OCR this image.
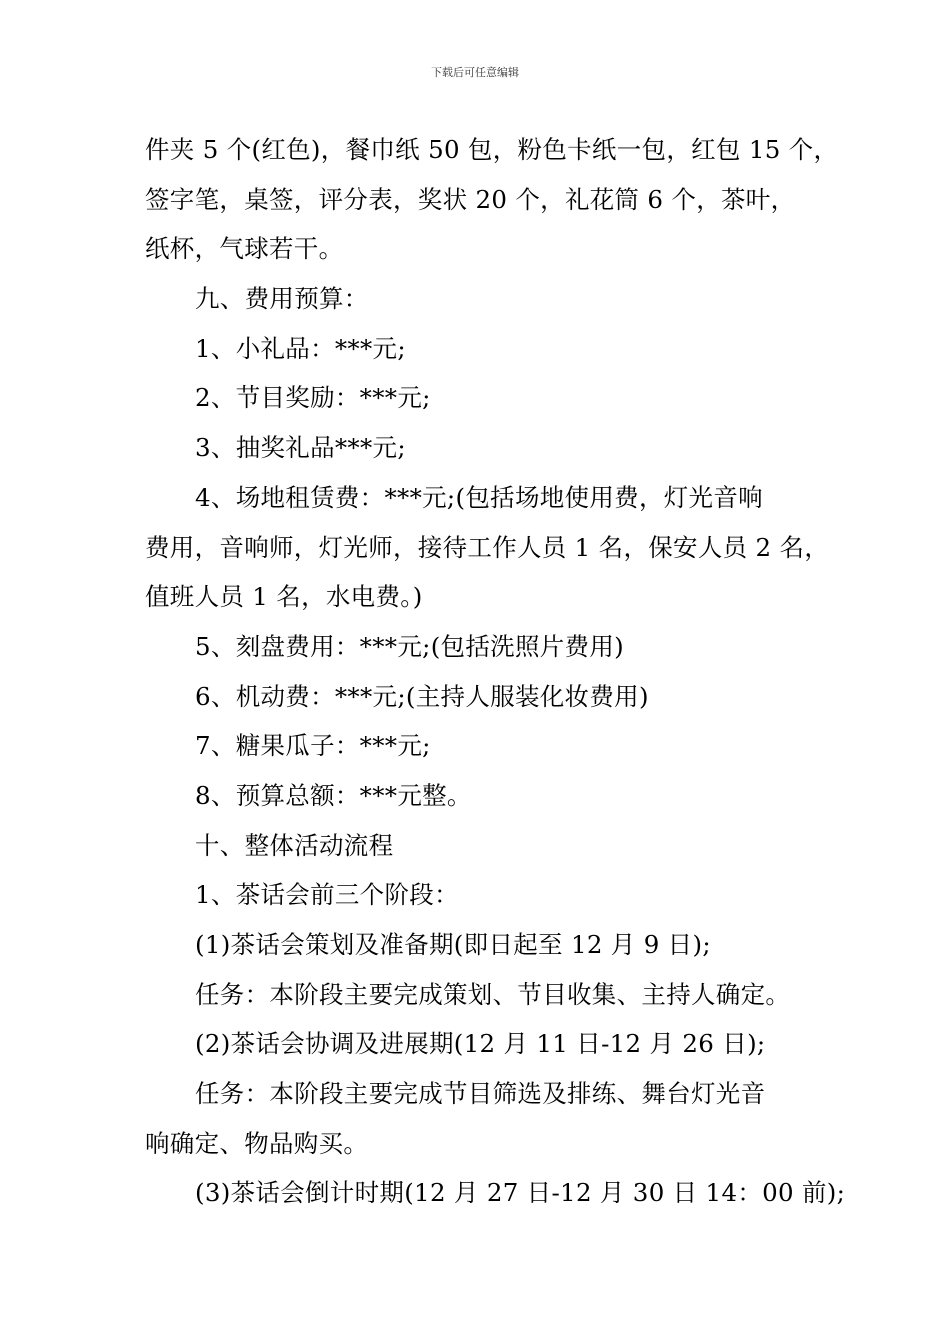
下载后可任意编辑
件夹 5 个(红色)，餐巾纸 50 包，粉色卡纸一包，红包 15 个，
签字笔，桌签，评分表，奖状 20 个，礼花筒 6 个，茶叶，
纸杯，气球若干。
九、费用预算：
1、小礼品：***元;
2、节目奖励：***元;
3、抽奖礼品***元;
4、场地租赁费：***元;(包括场地使用费，灯光音响
费用，音响师，灯光师，接待工作人员 1 名，保安人员 2 名，
值班人员 1 名，水电费。)
5、刻盘费用：***元;(包括洗照片费用)
6、机动费：***元;(主持人服装化妆费用)
7、糖果瓜子：***元;
8、预算总额：***元整。
十、整体活动流程
1、茶话会前三个阶段：
(1)茶话会策划及准备期(即日起至 12 月 9 日);
任务：本阶段主要完成策划、节目收集、主持人确定。
(2)茶话会协调及进展期(12 月 11 日-12 月 26 日);
任务：本阶段主要完成节目筛选及排练、舞台灯光音
响确定、物品购买。
(3)茶话会倒计时期(12 月 27 日-12 月 30 日 14：00 前);
